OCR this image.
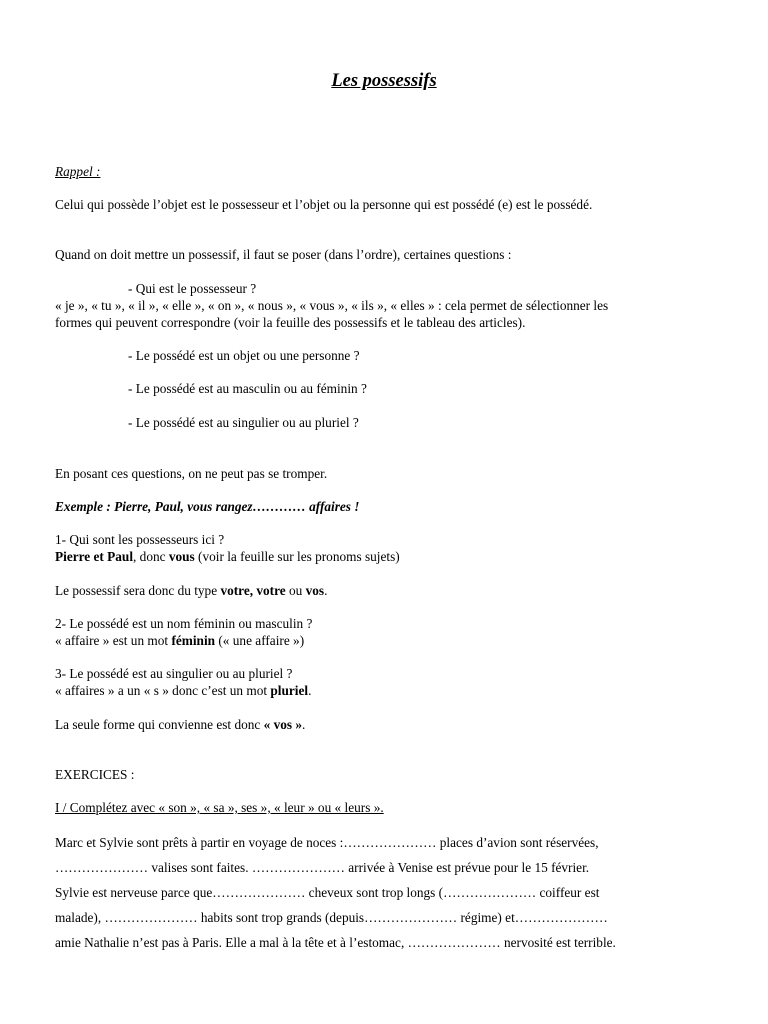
Les possessifs
Rappel :
Celui qui possède l’objet est le possesseur et l’objet ou la personne qui est possédé (e) est le possédé.
Quand on doit mettre un possessif, il faut se poser (dans l’ordre), certaines questions :
- Qui est le possesseur ?
« je », « tu », « il », « elle », « on », « nous », « vous », « ils », « elles » : cela permet de sélectionner les
formes qui peuvent correspondre (voir la feuille des possessifs et le tableau des articles).
- Le possédé est un objet ou une personne ?
- Le possédé est au masculin ou au féminin ?
- Le possédé est au singulier ou au pluriel ?
En posant ces questions, on ne peut pas se tromper.
Exemple : Pierre, Paul, vous rangez………… affaires !
1- Qui sont les possesseurs ici ?
Pierre et Paul, donc vous (voir la feuille sur les pronoms sujets)
Le possessif sera donc du type votre, votre ou vos.
2- Le possédé est un nom féminin ou masculin ?
« affaire » est un mot féminin (« une affaire »)
3- Le possédé est au singulier ou au pluriel ?
« affaires » a un « s » donc c’est un mot pluriel.
La seule forme qui convienne est donc « vos ».
EXERCICES :
I / Complétez avec « son », « sa », ses », « leur » ou « leurs ».
Marc et Sylvie sont prêts à partir en voyage de noces :………………… places d’avion sont réservées,
………………… valises sont faites. ………………… arrivée à Venise est prévue pour le 15 février.
Sylvie est nerveuse parce que………………… cheveux sont trop longs (………………… coiffeur est
malade), ………………… habits sont trop grands (depuis………………… régime) et…………………
amie Nathalie n’est pas à Paris. Elle a mal à la tête et à l’estomac, ………………… nervosité est terrible.
